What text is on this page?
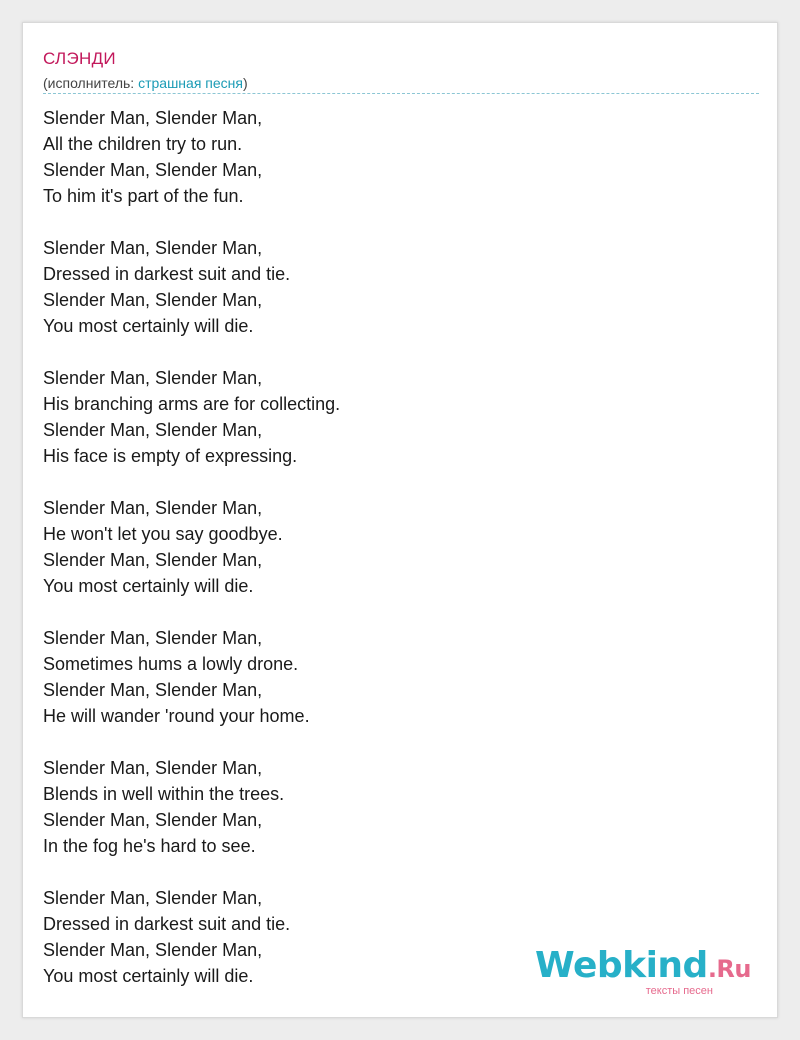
СЛЭНДИ
(исполнитель: страшная песня)
Slender Man, Slender Man,
All the children try to run.
Slender Man, Slender Man,
To him it's part of the fun.
Slender Man, Slender Man,
Dressed in darkest suit and tie.
Slender Man, Slender Man,
You most certainly will die.
Slender Man, Slender Man,
His branching arms are for collecting.
Slender Man, Slender Man,
His face is empty of expressing.
Slender Man, Slender Man,
He won't let you say goodbye.
Slender Man, Slender Man,
You most certainly will die.
Slender Man, Slender Man,
Sometimes hums a lowly drone.
Slender Man, Slender Man,
He will wander 'round your home.
Slender Man, Slender Man,
Blends in well within the trees.
Slender Man, Slender Man,
In the fog he's hard to see.
Slender Man, Slender Man,
Dressed in darkest suit and tie.
Slender Man, Slender Man,
You most certainly will die.	Webkind.Ru
тексты песен
